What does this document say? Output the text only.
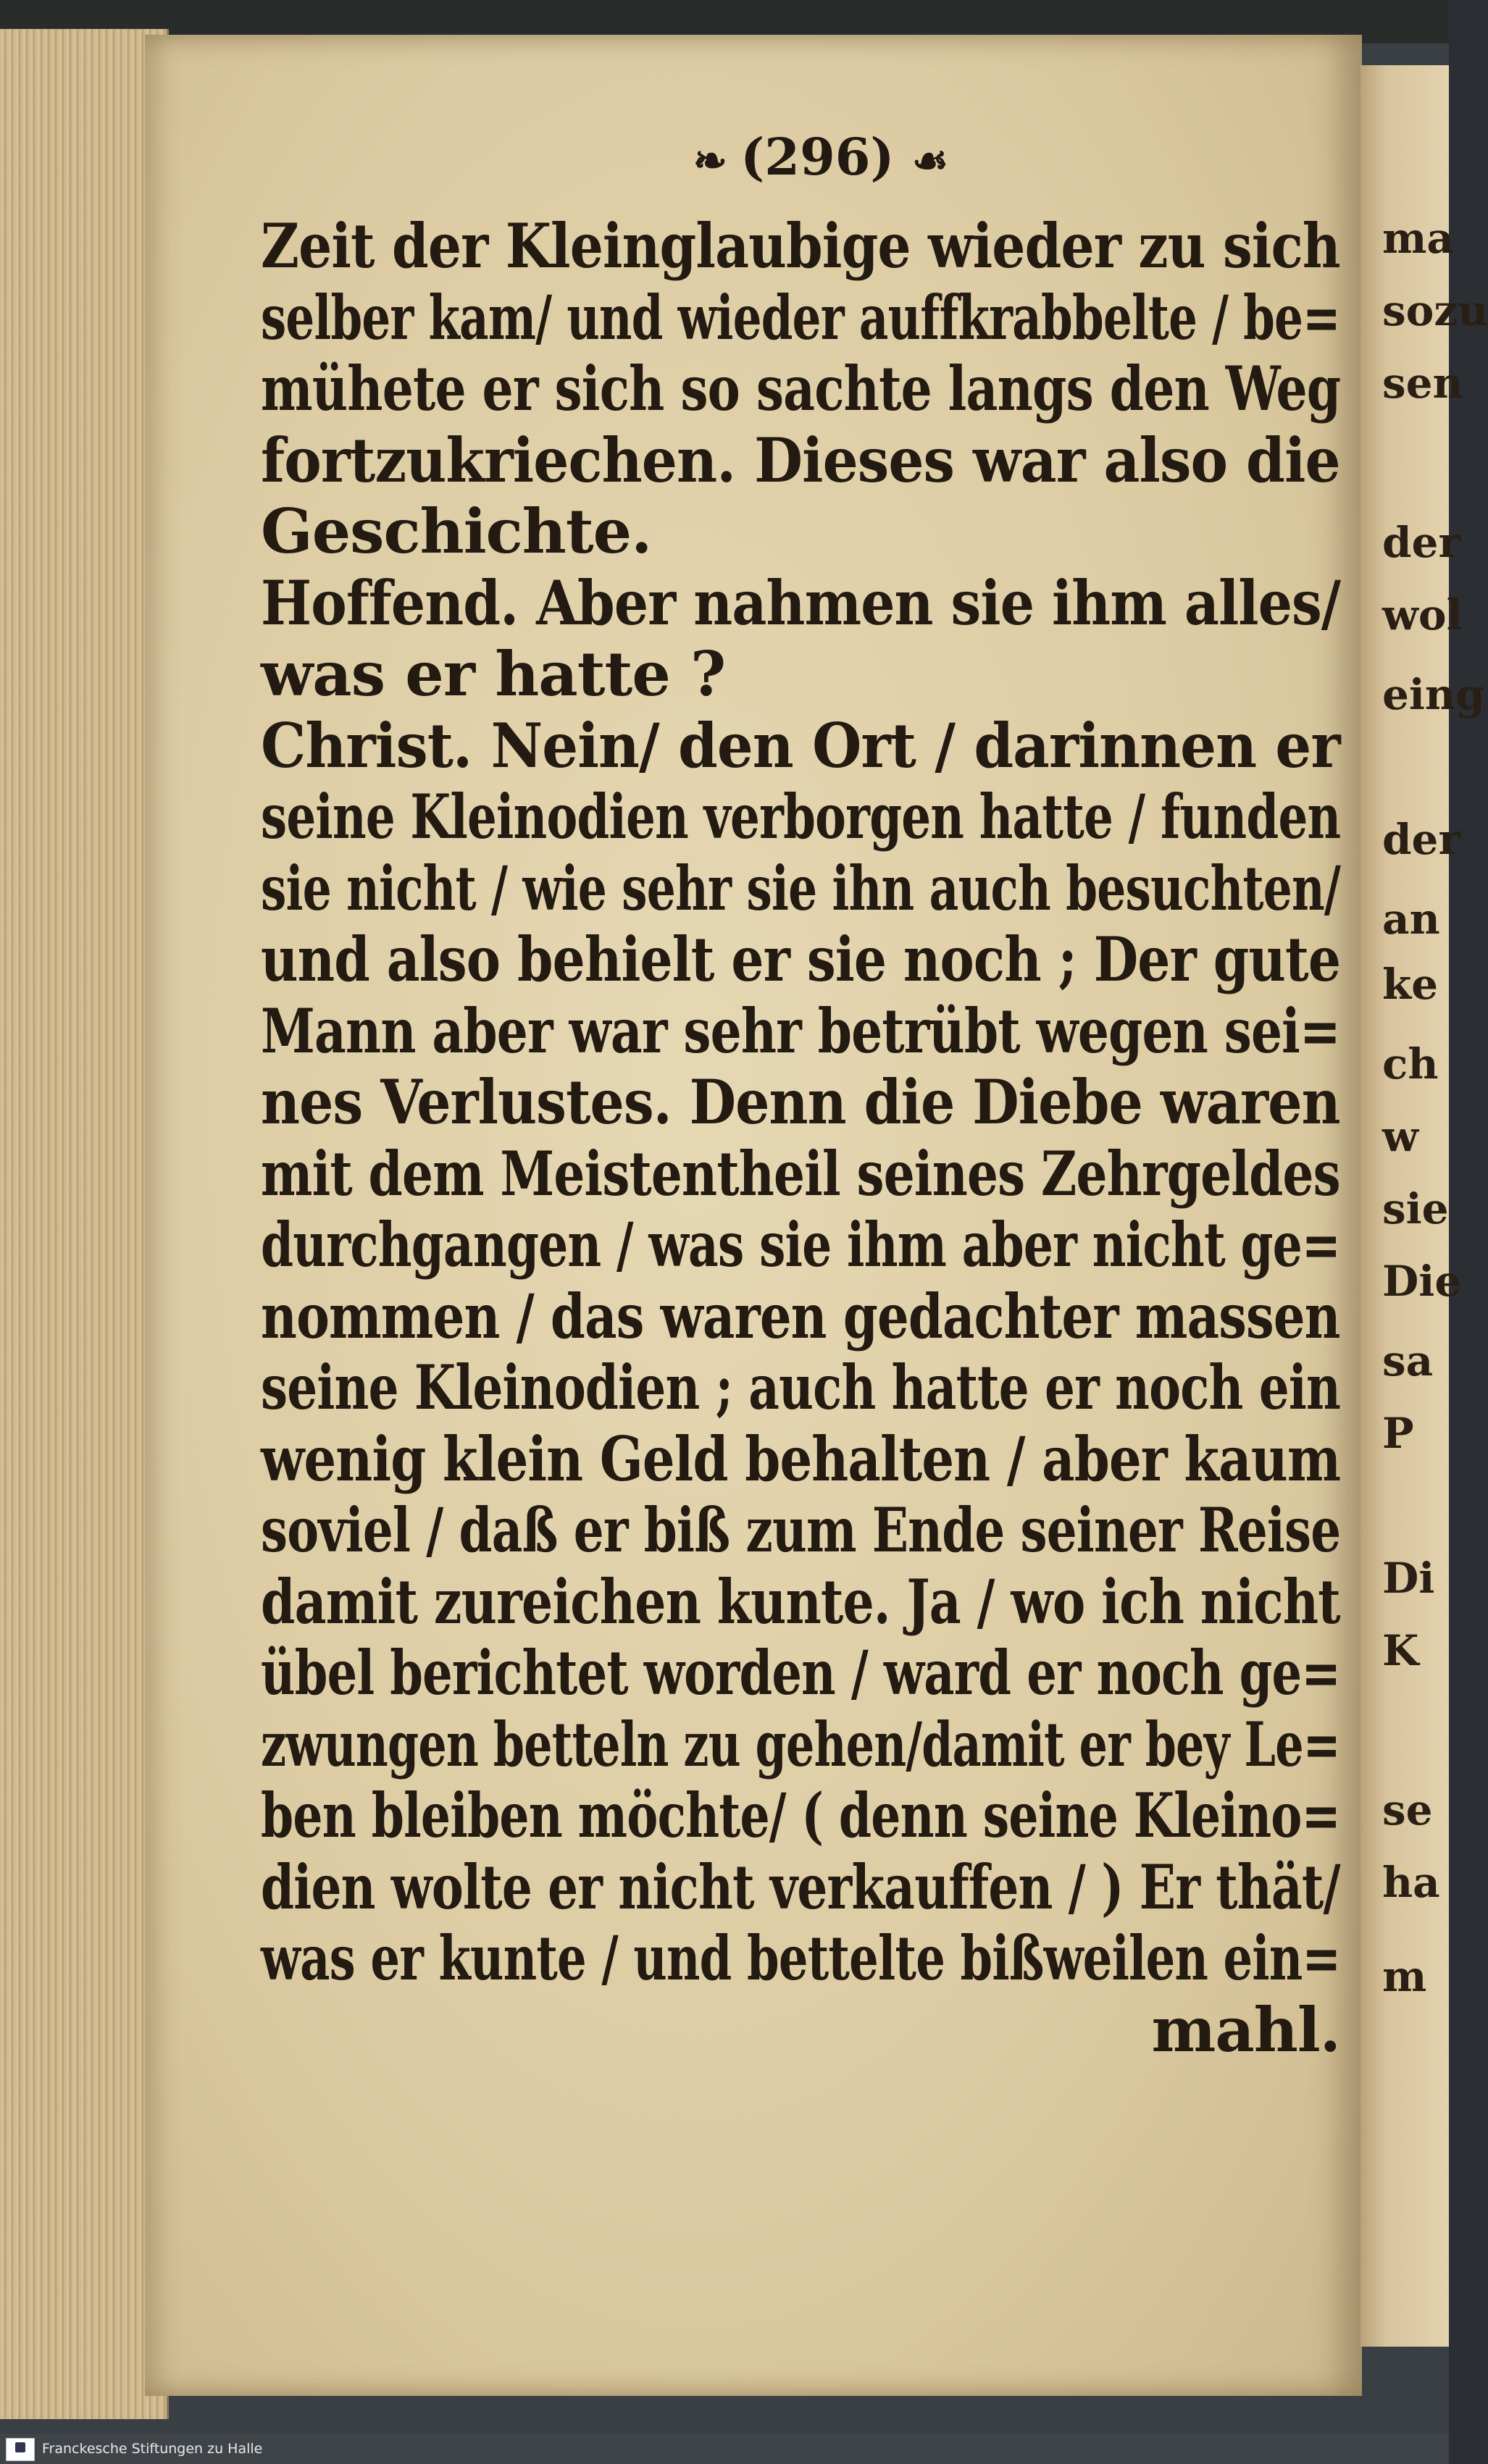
ma
sozu
sen
der
wol
eing
der
an
ke
ch
w
sie
Die
sa
P
Di
K
se
ha
m
❧ (296) ☙
Zeit der Kleinglaubige wieder zu sich
selber kam/ und wieder auffkrabbelte / be=
mühete er sich so sachte langs den Weg
fortzukriechen. Dieses war also die
Geschichte.
Hoffend. Aber nahmen sie ihm alles/
was er hatte ?
Christ. Nein/ den Ort / darinnen er
seine Kleinodien verborgen hatte / funden
sie nicht / wie sehr sie ihn auch besuchten/
und also behielt er sie noch ; Der gute
Mann aber war sehr betrübt wegen sei=
nes Verlustes. Denn die Diebe waren
mit dem Meistentheil seines Zehrgeldes
durchgangen / was sie ihm aber nicht ge=
nommen / das waren gedachter massen
seine Kleinodien ; auch hatte er noch ein
wenig klein Geld behalten / aber kaum
soviel / daß er biß zum Ende seiner Reise
damit zureichen kunte. Ja / wo ich nicht
übel berichtet worden / ward er noch ge=
zwungen betteln zu gehen/damit er bey Le=
ben bleiben möchte/ ( denn seine Kleino=
dien wolte er nicht verkauffen / ) Er thät/
was er kunte / und bettelte bißweilen ein=
mahl.
Franckesche Stiftungen zu Halle
